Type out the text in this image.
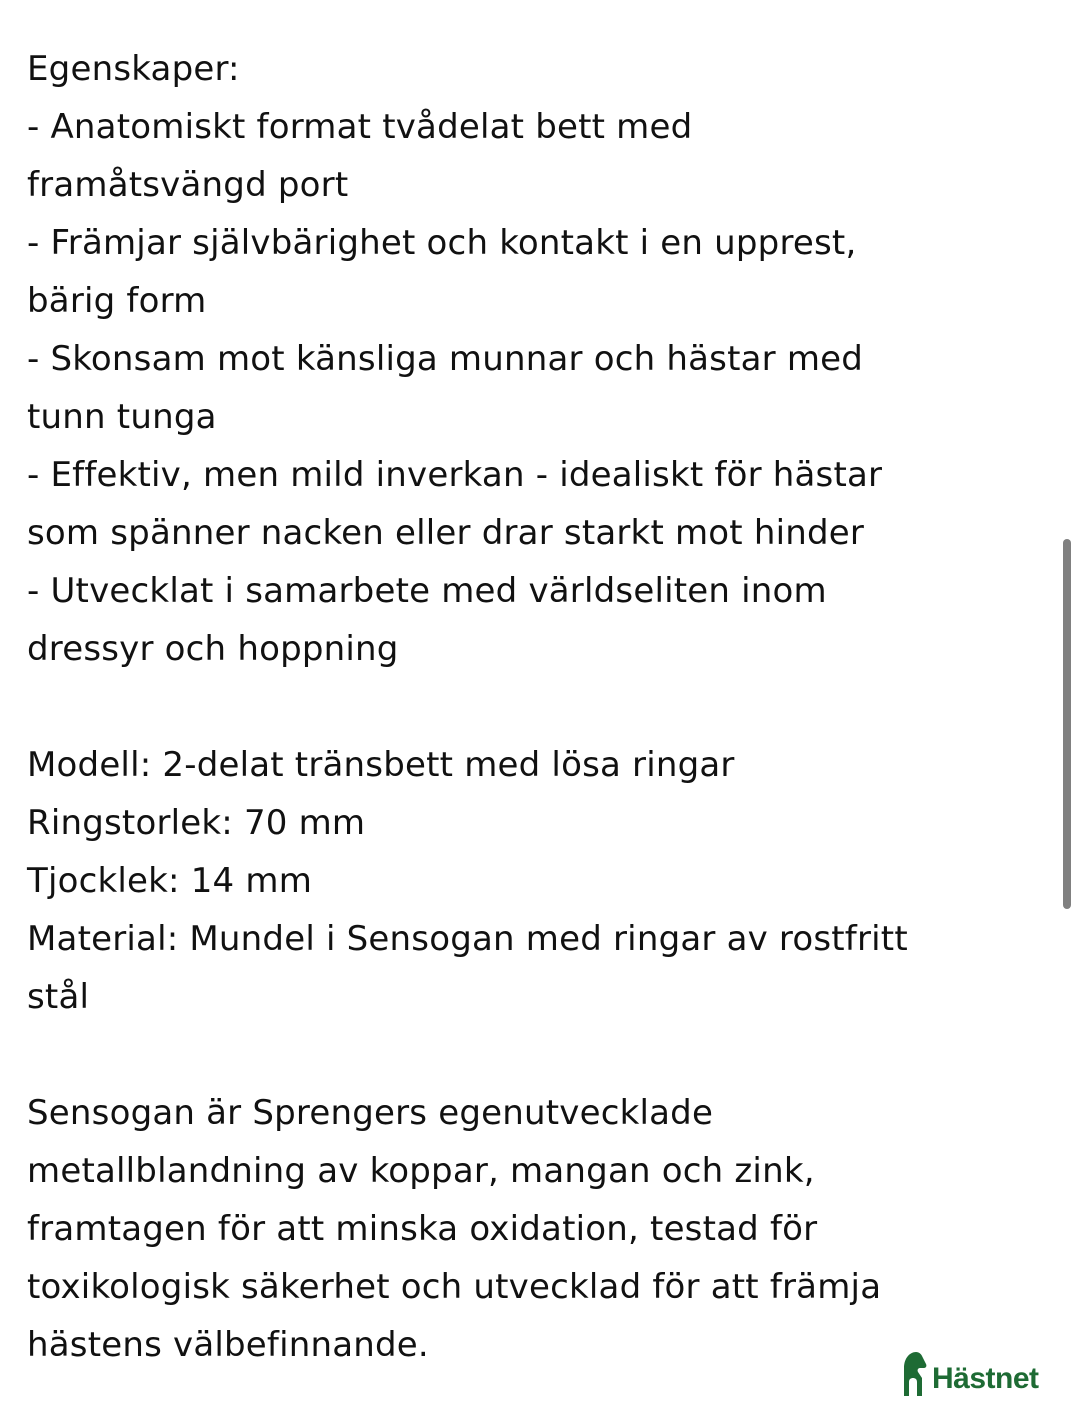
Egenskaper:
- Anatomiskt format tvådelat bett med
framåtsvängd port
- Främjar självbärighet och kontakt i en upprest,
bärig form
- Skonsam mot känsliga munnar och hästar med
tunn tunga
- Effektiv, men mild inverkan - idealiskt för hästar
som spänner nacken eller drar starkt mot hinder
- Utvecklat i samarbete med världseliten inom
dressyr och hoppning
Modell: 2-delat tränsbett med lösa ringar
Ringstorlek: 70 mm
Tjocklek: 14 mm
Material: Mundel i Sensogan med ringar av rostfritt
stål
Sensogan är Sprengers egenutvecklade
metallblandning av koppar, mangan och zink,
framtagen för att minska oxidation, testad för
toxikologisk säkerhet och utvecklad för att främja
hästens välbefinnande.
Hästnet
